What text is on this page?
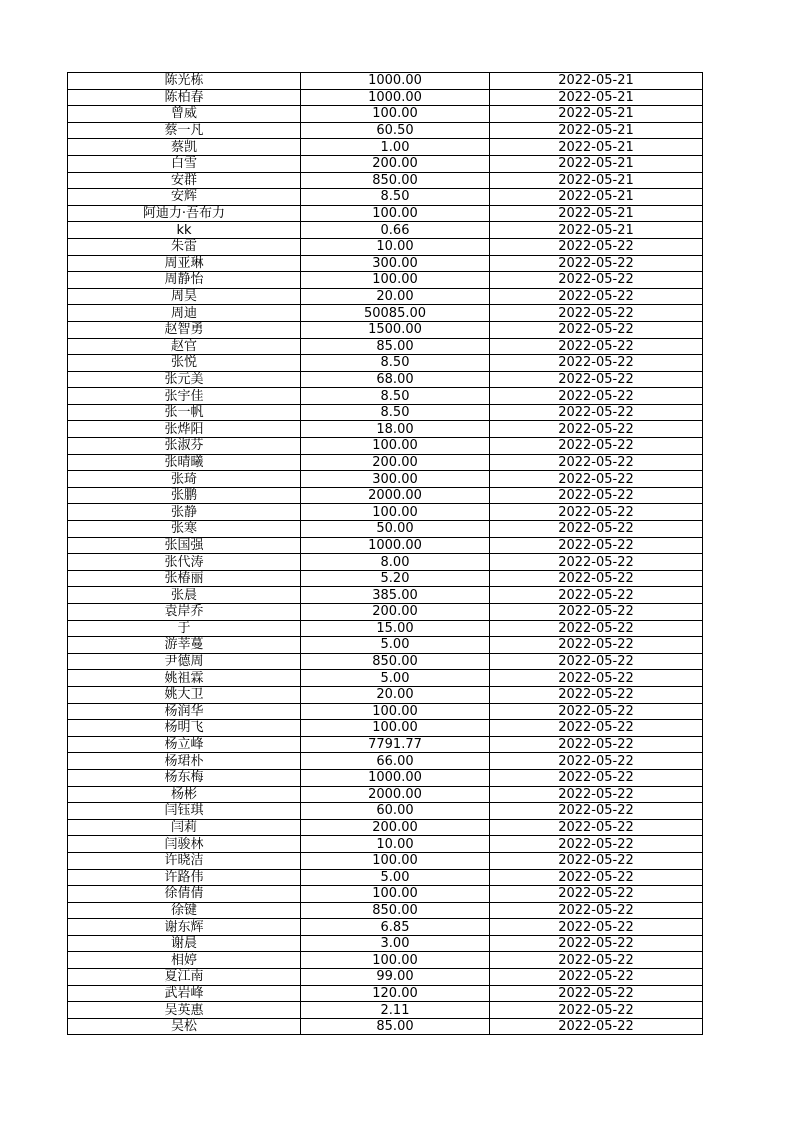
陈光栋	1000.00	2022-05-21
陈柏春	1000.00	2022-05-21
曾威	100.00	2022-05-21
蔡一凡	60.50	2022-05-21
蔡凯	1.00	2022-05-21
白雪	200.00	2022-05-21
安群	850.00	2022-05-21
安辉	8.50	2022-05-21
阿迪力·吾布力	100.00	2022-05-21
kk	0.66	2022-05-21
朱雷	10.00	2022-05-22
周亚琳	300.00	2022-05-22
周静怡	100.00	2022-05-22
周昊	20.00	2022-05-22
周迪	50085.00	2022-05-22
赵智勇	1500.00	2022-05-22
赵官	85.00	2022-05-22
张悦	8.50	2022-05-22
张元美	68.00	2022-05-22
张宇佳	8.50	2022-05-22
张一帆	8.50	2022-05-22
张烨阳	18.00	2022-05-22
张淑芬	100.00	2022-05-22
张晴曦	200.00	2022-05-22
张琦	300.00	2022-05-22
张鹏	2000.00	2022-05-22
张静	100.00	2022-05-22
张寒	50.00	2022-05-22
张国强	1000.00	2022-05-22
张代涛	8.00	2022-05-22
张椿丽	5.20	2022-05-22
张晨	385.00	2022-05-22
袁岸乔	200.00	2022-05-22
于	15.00	2022-05-22
游莘蔓	5.00	2022-05-22
尹德周	850.00	2022-05-22
姚祖霖	5.00	2022-05-22
姚大卫	20.00	2022-05-22
杨润华	100.00	2022-05-22
杨明飞	100.00	2022-05-22
杨立峰	7791.77	2022-05-22
杨珺朴	66.00	2022-05-22
杨东梅	1000.00	2022-05-22
杨彬	2000.00	2022-05-22
闫钰琪	60.00	2022-05-22
闫莉	200.00	2022-05-22
闫骏林	10.00	2022-05-22
许晓洁	100.00	2022-05-22
许路伟	5.00	2022-05-22
徐倩倩	100.00	2022-05-22
徐键	850.00	2022-05-22
谢东辉	6.85	2022-05-22
谢晨	3.00	2022-05-22
相婷	100.00	2022-05-22
夏江南	99.00	2022-05-22
武岩峰	120.00	2022-05-22
吴英惠	2.11	2022-05-22
吴松	85.00	2022-05-22
